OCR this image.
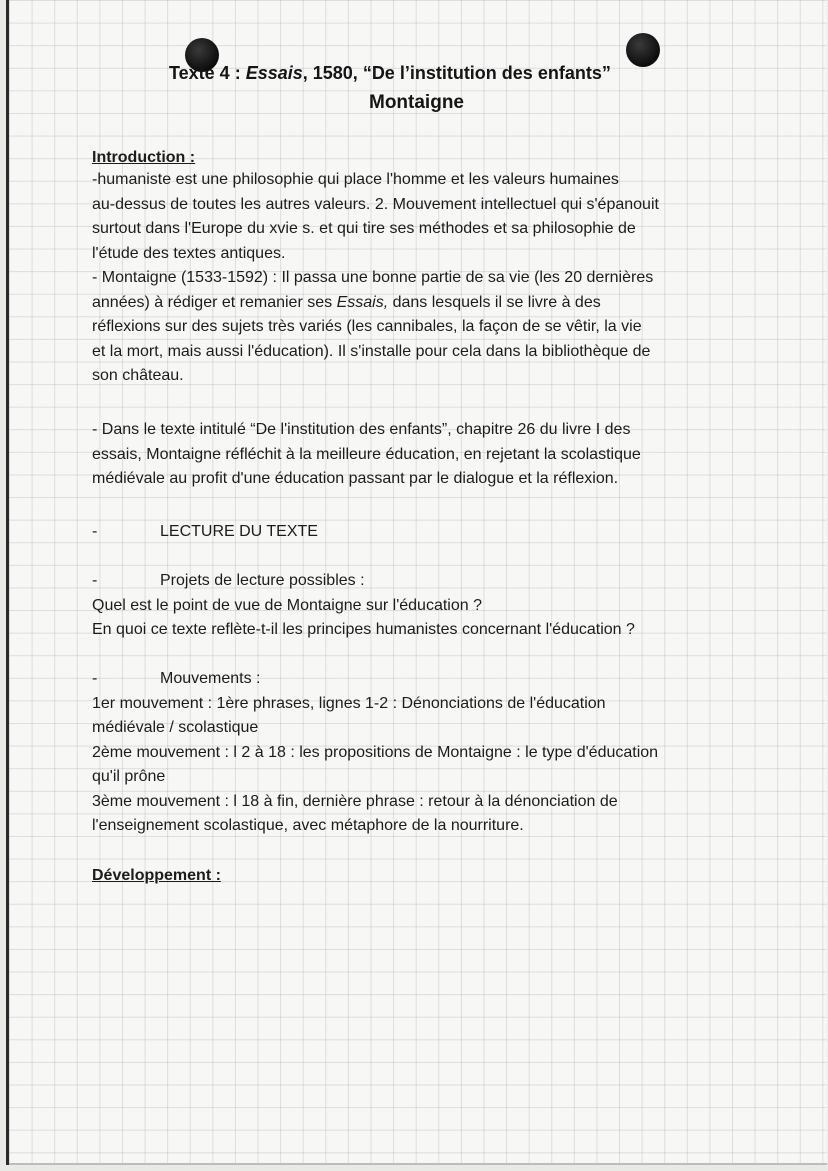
Texte 4 : Essais, 1580, “De l’institution des enfants”
Montaigne
Introduction :
-humaniste est une philosophie qui place l'homme et les valeurs humaines
au-dessus de toutes les autres valeurs. 2. Mouvement intellectuel qui s'épanouit
surtout dans l'Europe du xvie s. et qui tire ses méthodes et sa philosophie de
l'étude des textes antiques.
- Montaigne (1533-1592) : Il passa une bonne partie de sa vie (les 20 dernières
années) à rédiger et remanier ses Essais, dans lesquels il se livre à des
réflexions sur des sujets très variés (les cannibales, la façon de se vêtir, la vie
et la mort, mais aussi l'éducation). Il s'installe pour cela dans la bibliothèque de
son château.
- Dans le texte intitulé “De l'institution des enfants”, chapitre 26 du livre I des
essais, Montaigne réfléchit à la meilleure éducation, en rejetant la scolastique
médiévale au profit d'une éducation passant par le dialogue et la réflexion.
-	LECTURE DU TEXTE
-	Projets de lecture possibles :
Quel est le point de vue de Montaigne sur l'éducation ?
En quoi ce texte reflète-t-il les principes humanistes concernant l'éducation ?
-	Mouvements :
1er mouvement : 1ère phrases, lignes 1-2 : Dénonciations de l'éducation
médiévale / scolastique
2ème mouvement : l 2 à 18 : les propositions de Montaigne : le type d'éducation
qu'il prône
3ème mouvement : l 18 à fin, dernière phrase : retour à la dénonciation de
l'enseignement scolastique, avec métaphore de la nourriture.
Développement :
